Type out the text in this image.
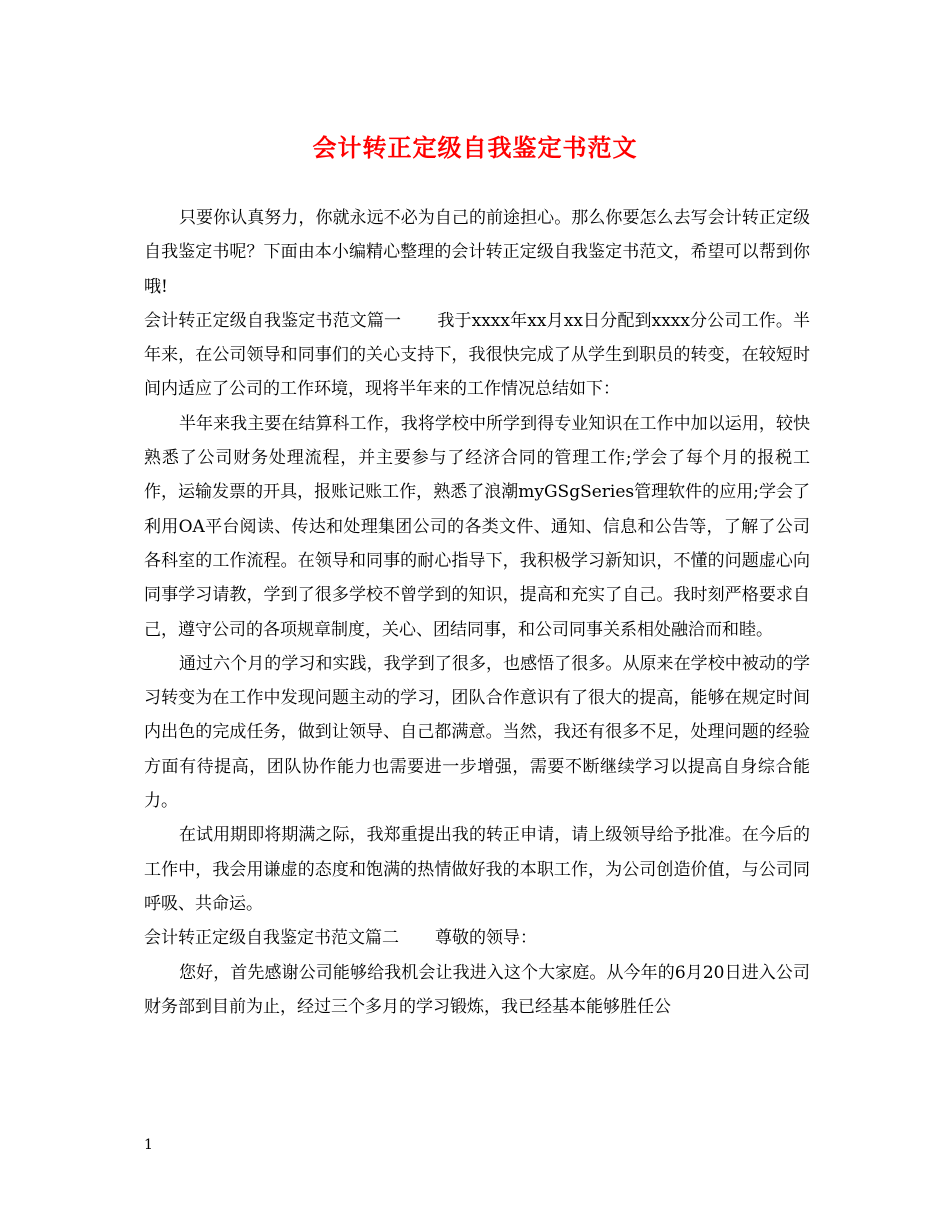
会计转正定级自我鉴定书范文

只要你认真努力，你就永远不必为自己的前途担心。那么你要怎么去写会计转正定级自我鉴定书呢？下面由本小编精心整理的会计转正定级自我鉴定书范文，希望可以帮到你哦!

会计转正定级自我鉴定书范文篇一 我于xxxx年xx月xx日分配到xxxx分公司工作。半年来，在公司领导和同事们的关心支持下，我很快完成了从学生到职员的转变，在较短时间内适应了公司的工作环境，现将半年来的工作情况总结如下：

半年来我主要在结算科工作，我将学校中所学到得专业知识在工作中加以运用，较快熟悉了公司财务处理流程，并主要参与了经济合同的管理工作;学会了每个月的报税工作，运输发票的开具，报账记账工作，熟悉了浪潮myGSgSeries管理软件的应用;学会了利用OA平台阅读、传达和处理集团公司的各类文件、通知、信息和公告等，了解了公司各科室的工作流程。在领导和同事的耐心指导下，我积极学习新知识，不懂的问题虚心向同事学习请教，学到了很多学校不曾学到的知识，提高和充实了自己。我时刻严格要求自己，遵守公司的各项规章制度，关心、团结同事，和公司同事关系相处融洽而和睦。

通过六个月的学习和实践，我学到了很多，也感悟了很多。从原来在学校中被动的学习转变为在工作中发现问题主动的学习，团队合作意识有了很大的提高，能够在规定时间内出色的完成任务，做到让领导、自己都满意。当然，我还有很多不足，处理问题的经验方面有待提高，团队协作能力也需要进一步增强，需要不断继续学习以提高自身综合能力。

在试用期即将期满之际，我郑重提出我的转正申请，请上级领导给予批准。在今后的工作中，我会用谦虚的态度和饱满的热情做好我的本职工作，为公司创造价值，与公司同呼吸、共命运。

会计转正定级自我鉴定书范文篇二 尊敬的领导：

您好，首先感谢公司能够给我机会让我进入这个大家庭。从今年的6月20日进入公司财务部到目前为止，经过三个多月的学习锻炼，我已经基本能够胜任公

1
